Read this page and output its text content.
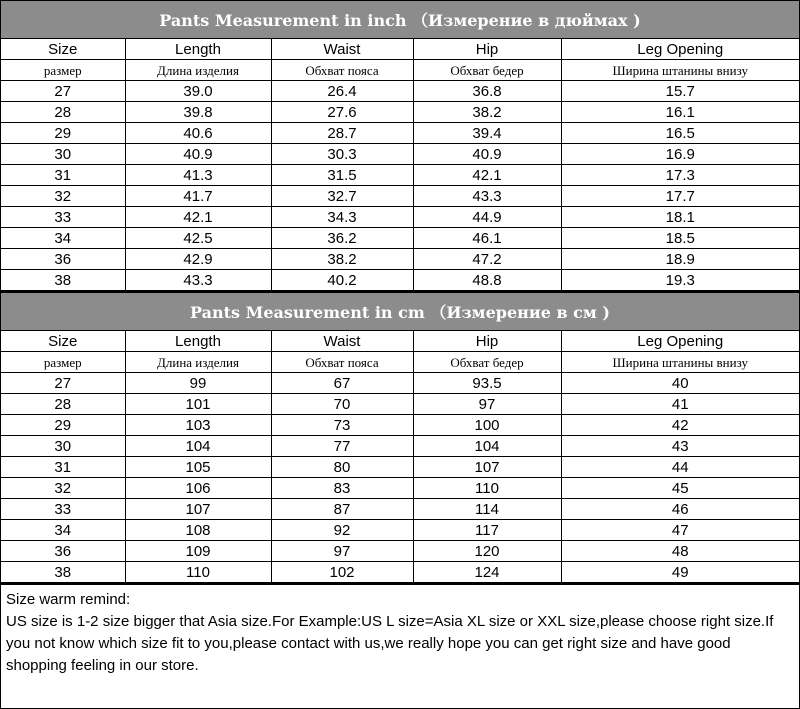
Pants Measurement in inch （Измерение в дюймах )
Size	Length	Waist	Hip	Leg Opening
размер	Длина изделия	Обхват пояса	Обхват бедер	Ширина штанины внизу
27	39.0	26.4	36.8	15.7
28	39.8	27.6	38.2	16.1
29	40.6	28.7	39.4	16.5
30	40.9	30.3	40.9	16.9
31	41.3	31.5	42.1	17.3
32	41.7	32.7	43.3	17.7
33	42.1	34.3	44.9	18.1
34	42.5	36.2	46.1	18.5
36	42.9	38.2	47.2	18.9
38	43.3	40.2	48.8	19.3
Pants Measurement in cm （Измерение в см )
Size	Length	Waist	Hip	Leg Opening
размер	Длина изделия	Обхват пояса	Обхват бедер	Ширина штанины внизу
27	99	67	93.5	40
28	101	70	97	41
29	103	73	100	42
30	104	77	104	43
31	105	80	107	44
32	106	83	110	45
33	107	87	114	46
34	108	92	117	47
36	109	97	120	48
38	110	102	124	49

Size warm remind:

US size is 1-2 size bigger that Asia size.For Example:US L size=Asia XL size or XXL size,please choose right size.If you not know which size fit to you,please contact with us,we really hope you can get right size and have good shopping feeling in our store.
